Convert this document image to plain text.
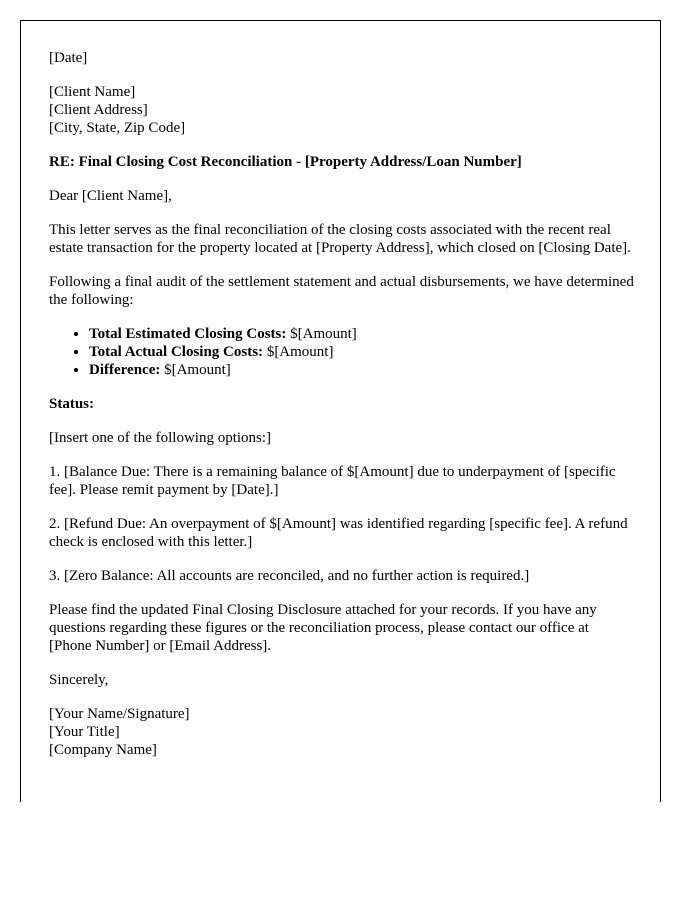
[Date]

[Client Name]
[Client Address]
[City, State, Zip Code]

RE: Final Closing Cost Reconciliation - [Property Address/Loan Number]

Dear [Client Name],

This letter serves as the final reconciliation of the closing costs associated with the recent real estate transaction for the property located at [Property Address], which closed on [Closing Date].

Following a final audit of the settlement statement and actual disbursements, we have determined the following:

• Total Estimated Closing Costs: $[Amount]
• Total Actual Closing Costs: $[Amount]
• Difference: $[Amount]

Status:

[Insert one of the following options:]

1. [Balance Due: There is a remaining balance of $[Amount] due to underpayment of [specific fee]. Please remit payment by [Date].]

2. [Refund Due: An overpayment of $[Amount] was identified regarding [specific fee]. A refund check is enclosed with this letter.]

3. [Zero Balance: All accounts are reconciled, and no further action is required.]

Please find the updated Final Closing Disclosure attached for your records. If you have any questions regarding these figures or the reconciliation process, please contact our office at [Phone Number] or [Email Address].

Sincerely,

[Your Name/Signature]
[Your Title]
[Company Name]
